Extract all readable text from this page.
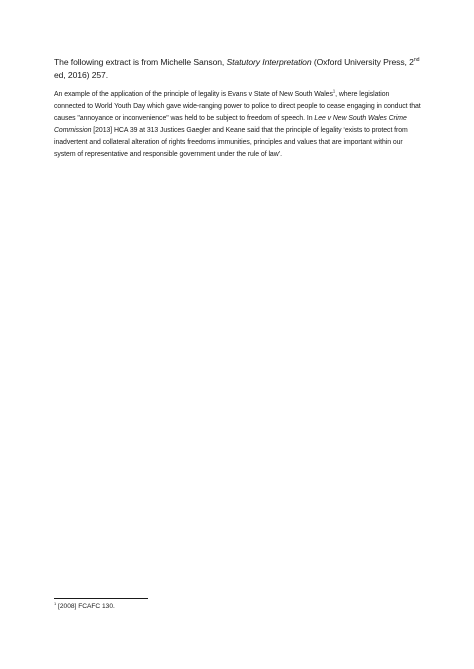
The following extract is from Michelle Sanson, Statutory Interpretation (Oxford University Press, 2nd ed, 2016) 257.
An example of the application of the principle of legality is Evans v State of New South Wales$^1$, where legislation connected to World Youth Day which gave wide-ranging power to police to direct people to cease engaging in conduct that causes "annoyance or inconvenience" was held to be subject to freedom of speech. In Lee v New South Wales Crime Commission [2013] HCA 39 at 313 Justices Gaegler and Keane said that the principle of legality ‘exists to protect from inadvertent and collateral alteration of rights freedoms immunities, principles and values that are important within our system of representative and responsible government under the rule of law’.
$^1$ [2008] FCAFC 130.
